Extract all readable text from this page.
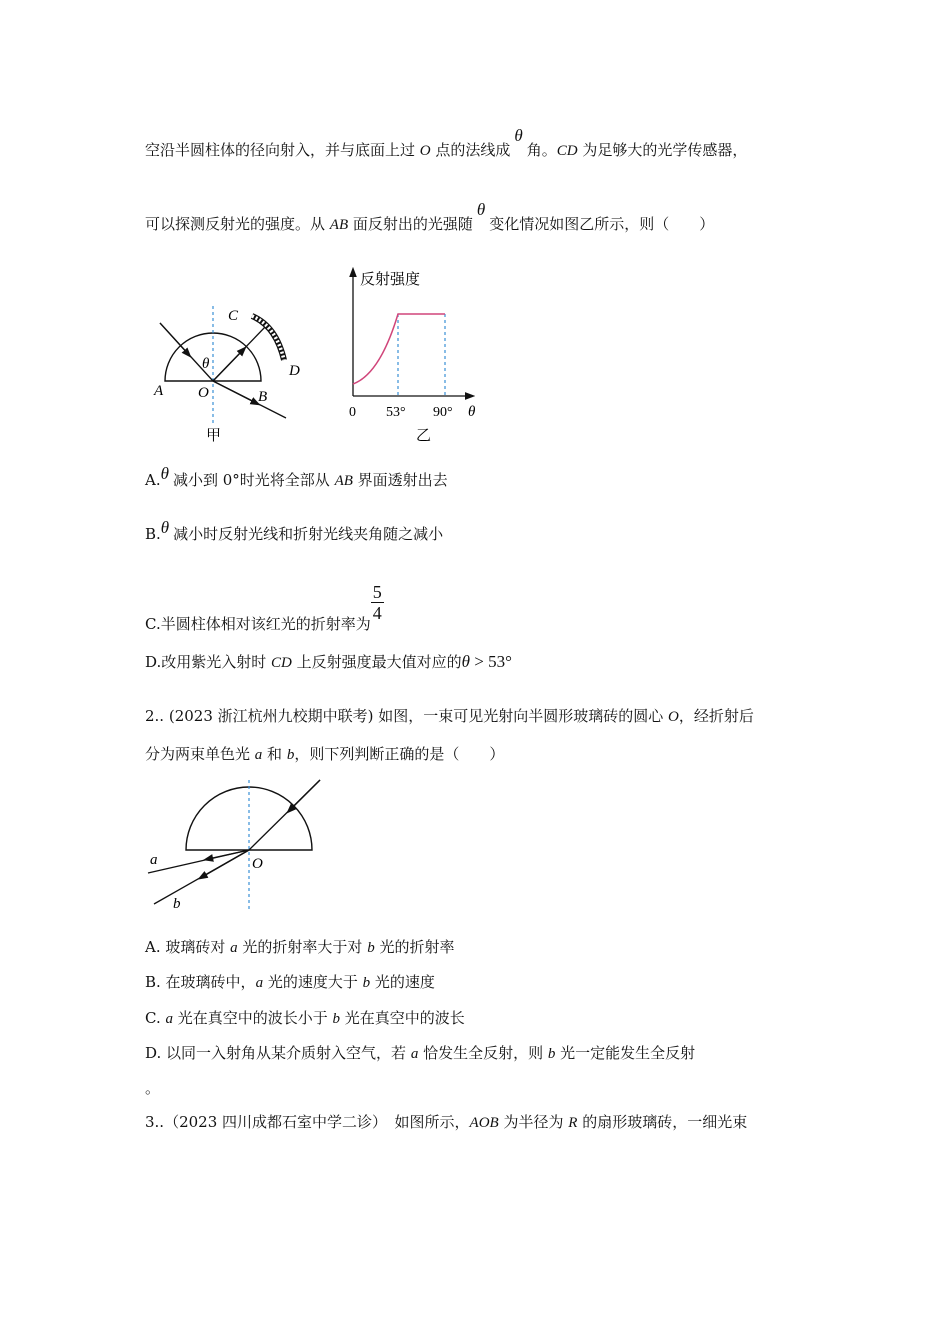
空沿半圆柱体的径向射入，并与底面上过 O 点的法线成θ角。CD 为足够大的光学传感器，
可以探测反射光的强度。从 AB 面反射出的光强随θ变化情况如图乙所示，则（　　）
A O	B
C
D
θ
甲
反射强度
0 53° 90° θ
乙
A.θ 减小到 0°时光将全部从 AB 界面透射出去
B.θ 减小时反射光线和折射光线夹角随之减小
C.半圆柱体相对该红光的折射率为
$\frac{5}{4}$
D.改用紫光入射时 CD 上反射强度最大值对应的θ > 53°
2.. (2023 浙江杭州九校期中联考) 如图，一束可见光射向半圆形玻璃砖的圆心 O，经折射后
分为两束单色光 a 和 b，则下列判断正确的是（　　）
a
b
O
A. 玻璃砖对 a 光的折射率大于对 b 光的折射率
B. 在玻璃砖中，a 光的速度大于 b 光的速度
C. a 光在真空中的波长小于 b 光在真空中的波长
D. 以同一入射角从某介质射入空气，若 a 恰发生全反射，则 b 光一定能发生全反射
。
3..（2023 四川成都石室中学二诊）　如图所示，AOB 为半径为 R 的扇形玻璃砖，一细光束
